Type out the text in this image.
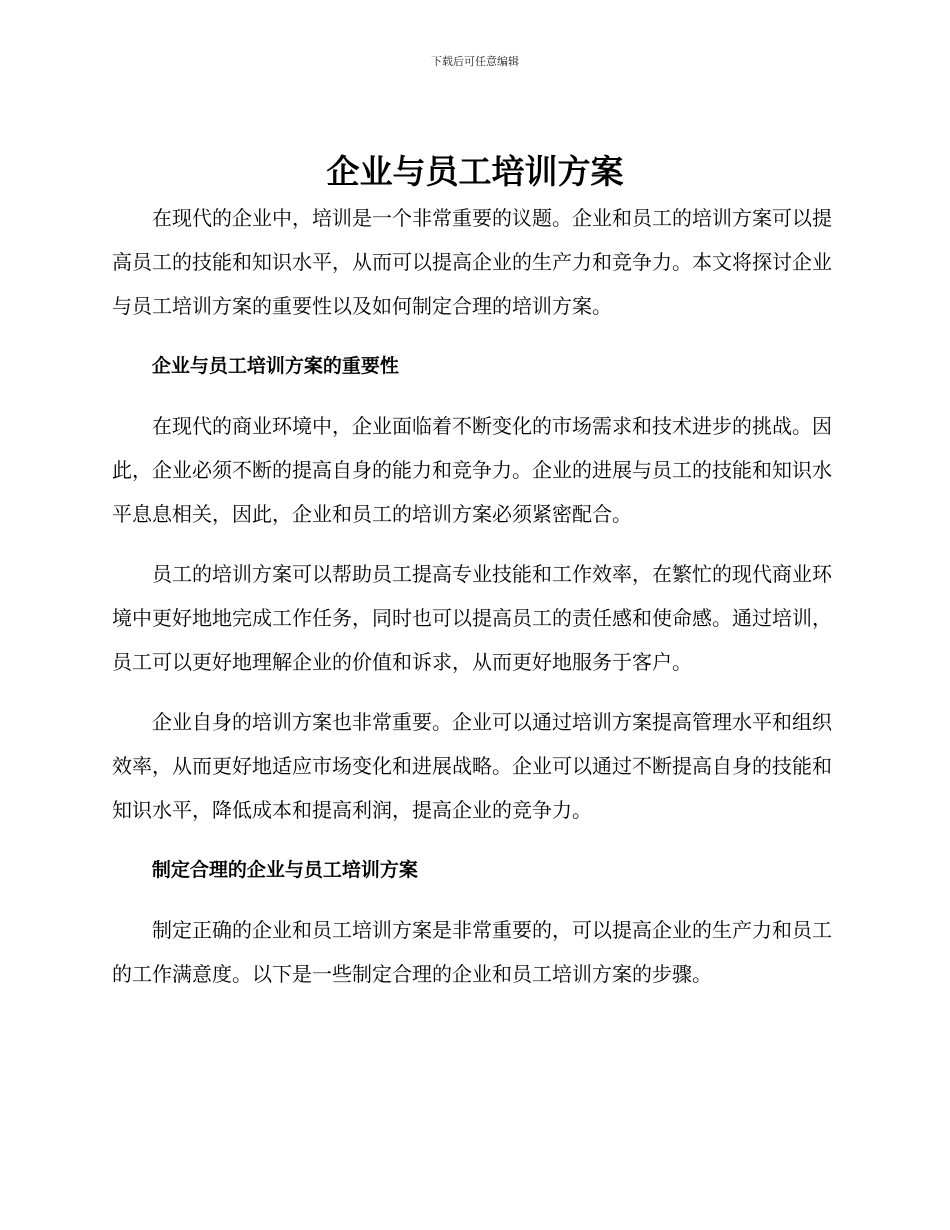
下载后可任意编辑
企业与员工培训方案

在现代的企业中，培训是一个非常重要的议题。企业和员工的培训方案可以提高员工的技能和知识水平，从而可以提高企业的生产力和竞争力。本文将探讨企业与员工培训方案的重要性以及如何制定合理的培训方案。

企业与员工培训方案的重要性

在现代的商业环境中，企业面临着不断变化的市场需求和技术进步的挑战。因此，企业必须不断的提高自身的能力和竞争力。企业的进展与员工的技能和知识水平息息相关，因此，企业和员工的培训方案必须紧密配合。

员工的培训方案可以帮助员工提高专业技能和工作效率，在繁忙的现代商业环境中更好地地完成工作任务，同时也可以提高员工的责任感和使命感。通过培训，员工可以更好地理解企业的价值和诉求，从而更好地服务于客户。

企业自身的培训方案也非常重要。企业可以通过培训方案提高管理水平和组织效率，从而更好地适应市场变化和进展战略。企业可以通过不断提高自身的技能和知识水平，降低成本和提高利润，提高企业的竞争力。

制定合理的企业与员工培训方案

制定正确的企业和员工培训方案是非常重要的，可以提高企业的生产力和员工的工作满意度。以下是一些制定合理的企业和员工培训方案的步骤。
